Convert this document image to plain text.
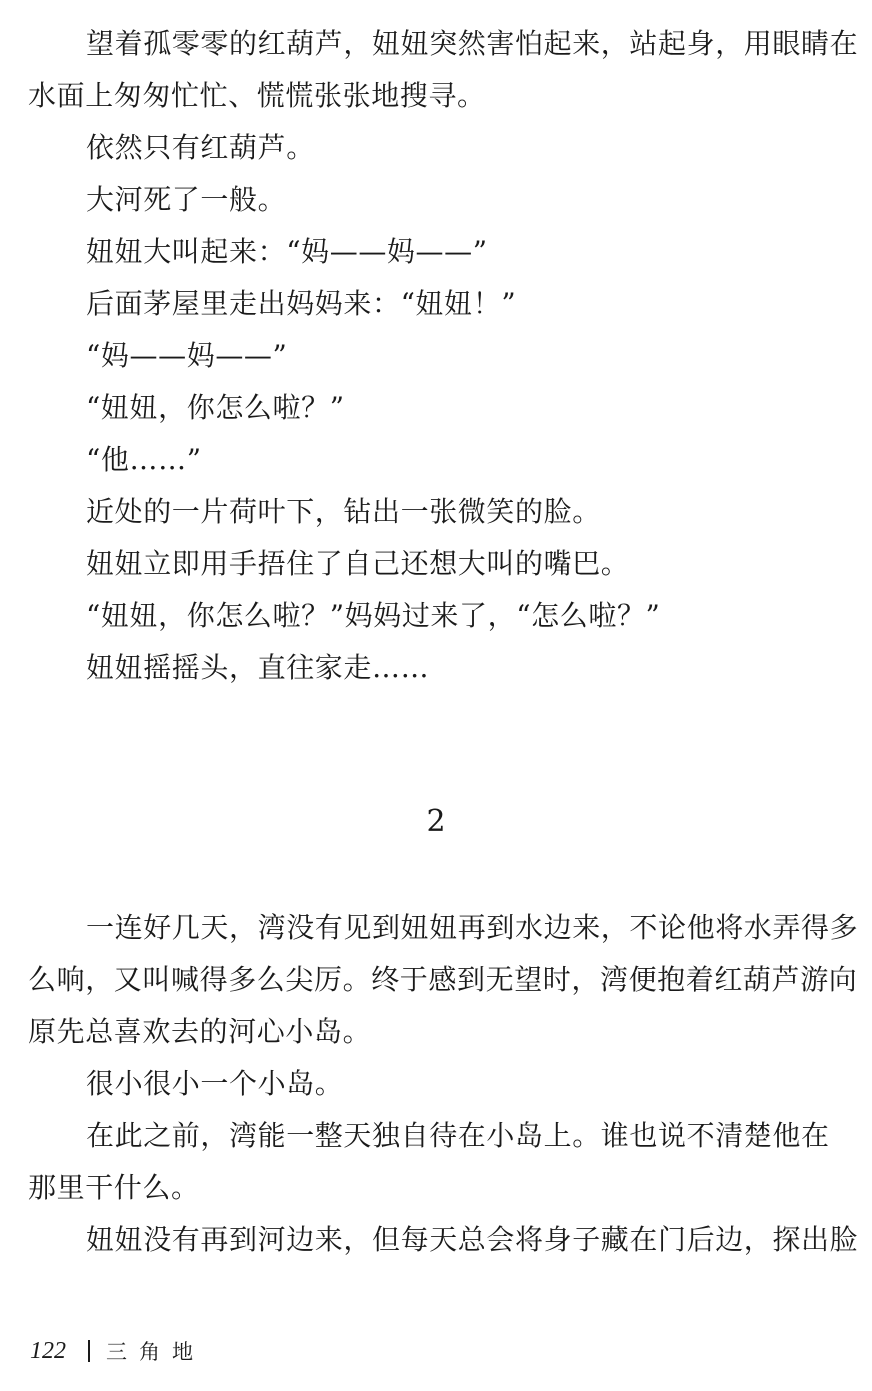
望着孤零零的红葫芦，妞妞突然害怕起来，站起身，用眼睛在
水面上匆匆忙忙、慌慌张张地搜寻。
依然只有红葫芦。
大河死了一般。
妞妞大叫起来：“妈——妈——”
后面茅屋里走出妈妈来：“妞妞！”
“妈——妈——”
“妞妞，你怎么啦？”
“他……”
近处的一片荷叶下，钻出一张微笑的脸。
妞妞立即用手捂住了自己还想大叫的嘴巴。
“妞妞，你怎么啦？”妈妈过来了，“怎么啦？”
妞妞摇摇头，直往家走……
2
一连好几天，湾没有见到妞妞再到水边来，不论他将水弄得多
么响，又叫喊得多么尖厉。终于感到无望时，湾便抱着红葫芦游向
原先总喜欢去的河心小岛。
很小很小一个小岛。
在此之前，湾能一整天独自待在小岛上。谁也说不清楚他在
那里干什么。
妞妞没有再到河边来，但每天总会将身子藏在门后边，探出脸
122 三角地
